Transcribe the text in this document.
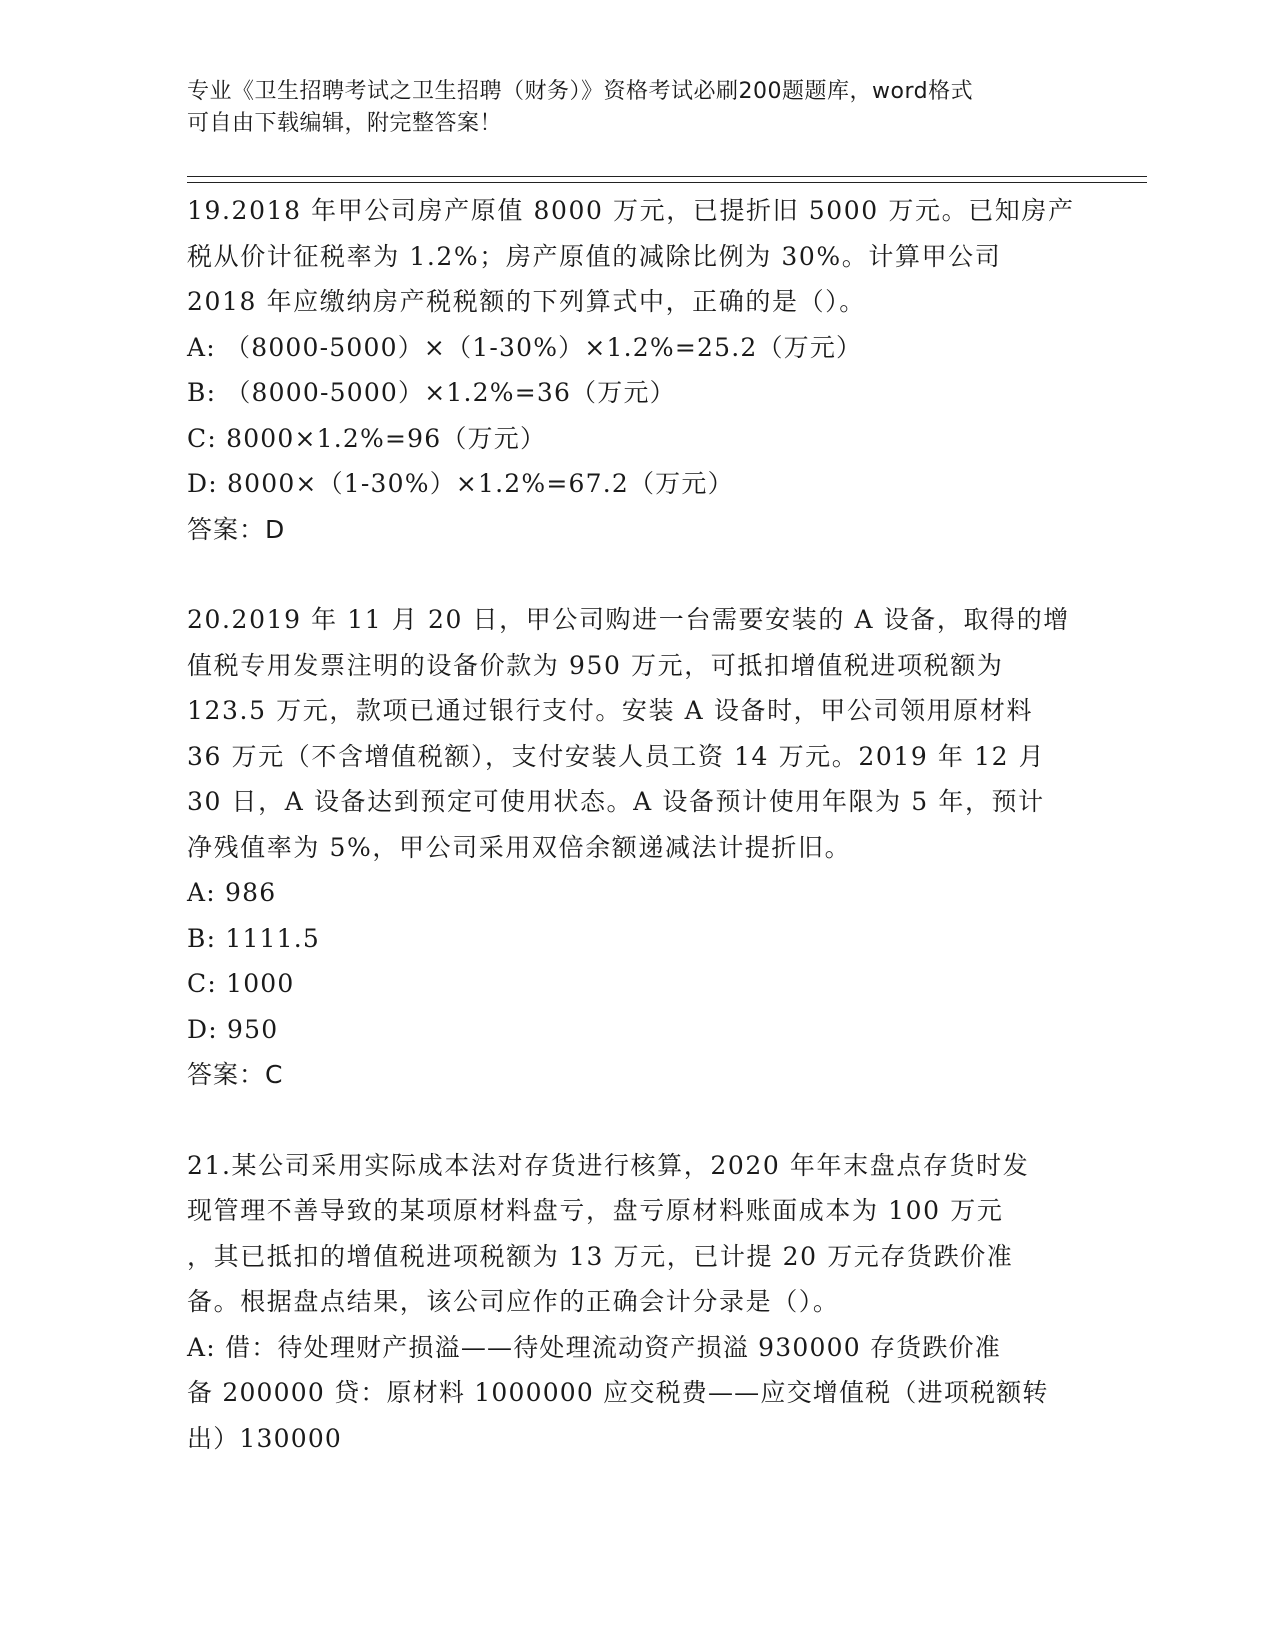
专业《卫生招聘考试之卫生招聘（财务）》资格考试必刷200题题库，word格式
可自由下载编辑，附完整答案！
19.2018 年甲公司房产原值 8000 万元，已提折旧 5000 万元。已知房产
税从价计征税率为 1.2%；房产原值的减除比例为 30%。计算甲公司
2018 年应缴纳房产税税额的下列算式中，正确的是（）。
A: （8000-5000）×（1-30%）×1.2%=25.2（万元）
B: （8000-5000）×1.2%=36（万元）
C: 8000×1.2%=96（万元）
D: 8000×（1-30%）×1.2%=67.2（万元）
答案：D
20.2019 年 11 月 20 日，甲公司购进一台需要安装的 A 设备，取得的增
值税专用发票注明的设备价款为 950 万元，可抵扣增值税进项税额为
123.5 万元，款项已通过银行支付。安装 A 设备时，甲公司领用原材料
36 万元（不含增值税额），支付安装人员工资 14 万元。2019 年 12 月
30 日，A 设备达到预定可使用状态。A 设备预计使用年限为 5 年，预计
净残值率为 5%，甲公司采用双倍余额递减法计提折旧。
A: 986
B: 1111.5
C: 1000
D: 950
答案：C
21.某公司采用实际成本法对存货进行核算，2020 年年末盘点存货时发
现管理不善导致的某项原材料盘亏，盘亏原材料账面成本为 100 万元
，其已抵扣的增值税进项税额为 13 万元，已计提 20 万元存货跌价准
备。根据盘点结果，该公司应作的正确会计分录是（）。
A: 借：待处理财产损溢——待处理流动资产损溢 930000 存货跌价准
备 200000 贷：原材料 1000000 应交税费——应交增值税（进项税额转
出）130000
